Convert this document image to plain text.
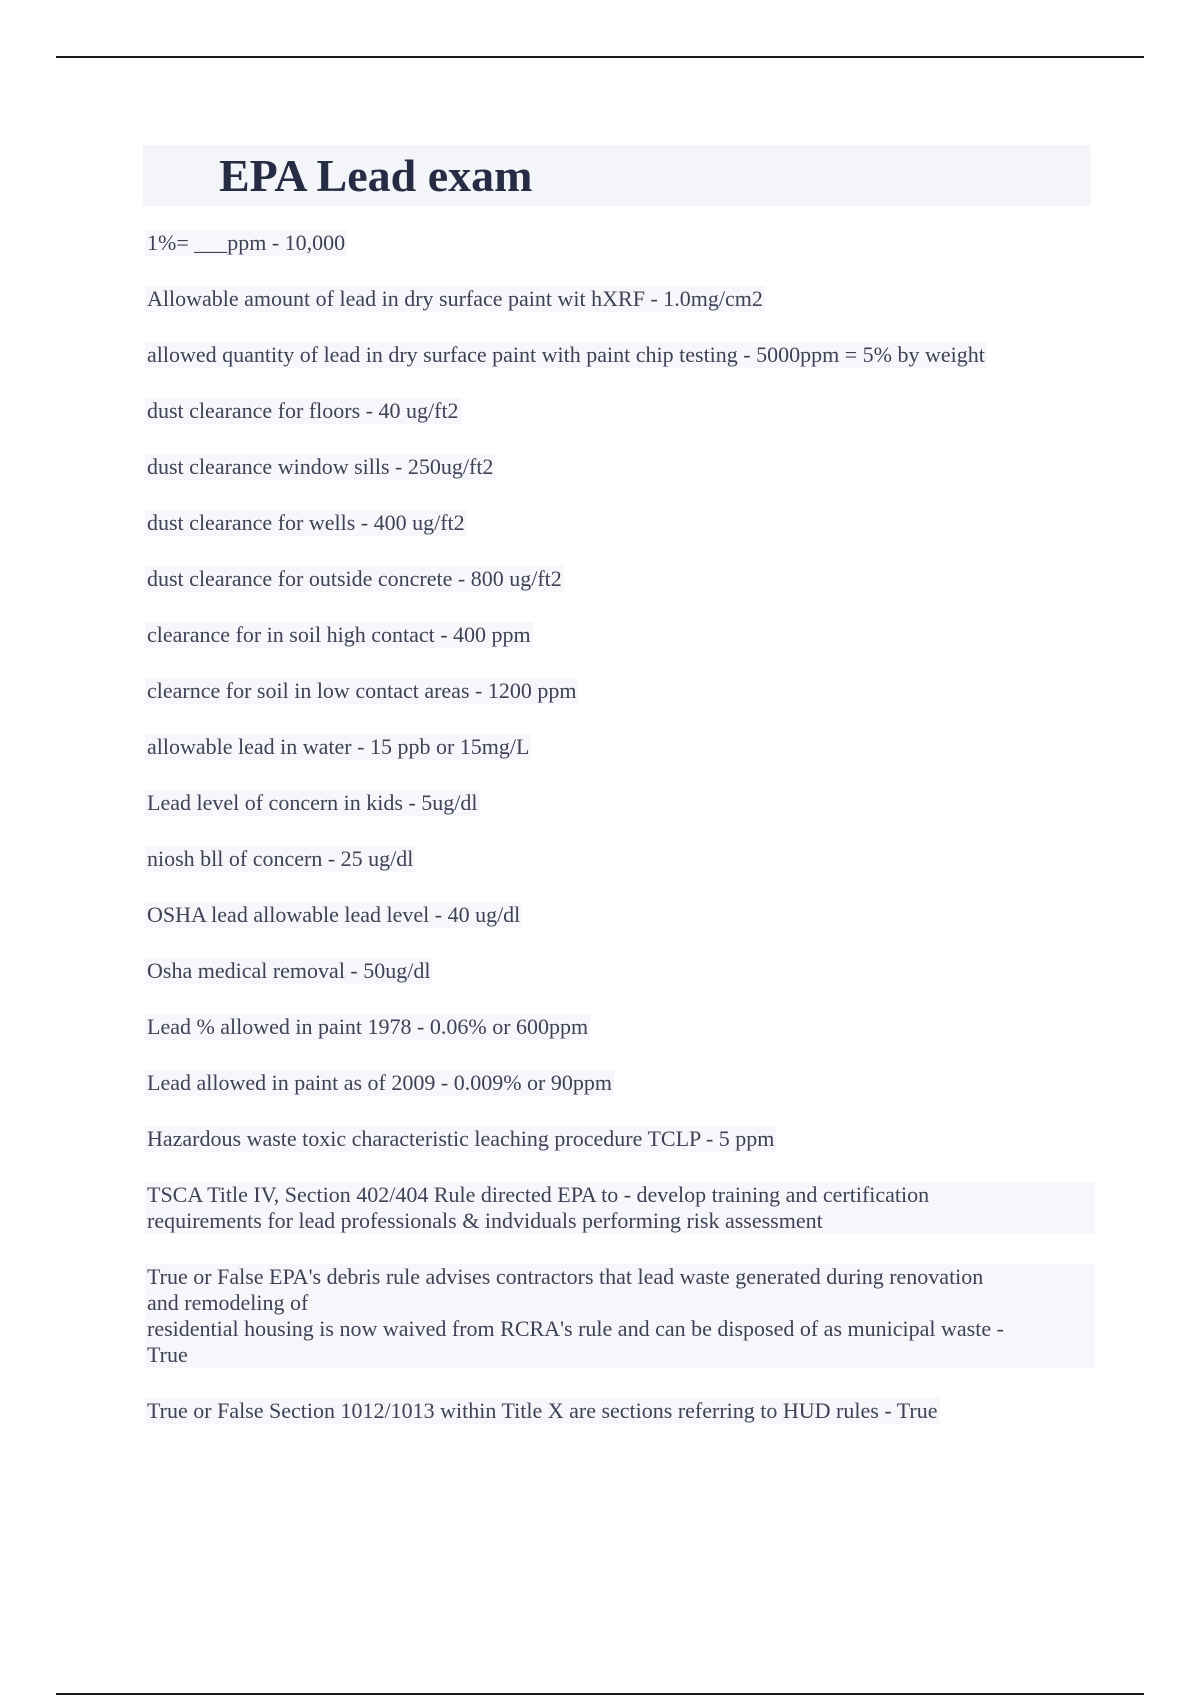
EPA Lead exam
1%= ___ppm - 10,000
Allowable amount of lead in dry surface paint wit hXRF - 1.0mg/cm2
allowed quantity of lead in dry surface paint with paint chip testing - 5000ppm = 5% by weight
dust clearance for floors - 40 ug/ft2
dust clearance window sills - 250ug/ft2
dust clearance for wells - 400 ug/ft2
dust clearance for outside concrete - 800 ug/ft2
clearance for in soil high contact - 400 ppm
clearnce for soil in low contact areas - 1200 ppm
allowable lead in water - 15 ppb or 15mg/L
Lead level of concern in kids - 5ug/dl
niosh bll of concern - 25 ug/dl
OSHA lead allowable lead level - 40 ug/dl
Osha medical removal - 50ug/dl
Lead % allowed in paint 1978 - 0.06% or 600ppm
Lead allowed in paint as of 2009 - 0.009% or 90ppm
Hazardous waste toxic characteristic leaching procedure TCLP - 5 ppm
TSCA Title IV, Section 402/404 Rule directed EPA to - develop training and certification
requirements for lead professionals & indviduals performing risk assessment
True or False EPA's debris rule advises contractors that lead waste generated during renovation
and remodeling of
residential housing is now waived from RCRA's rule and can be disposed of as municipal waste -
True
True or False Section 1012/1013 within Title X are sections referring to HUD rules - True
